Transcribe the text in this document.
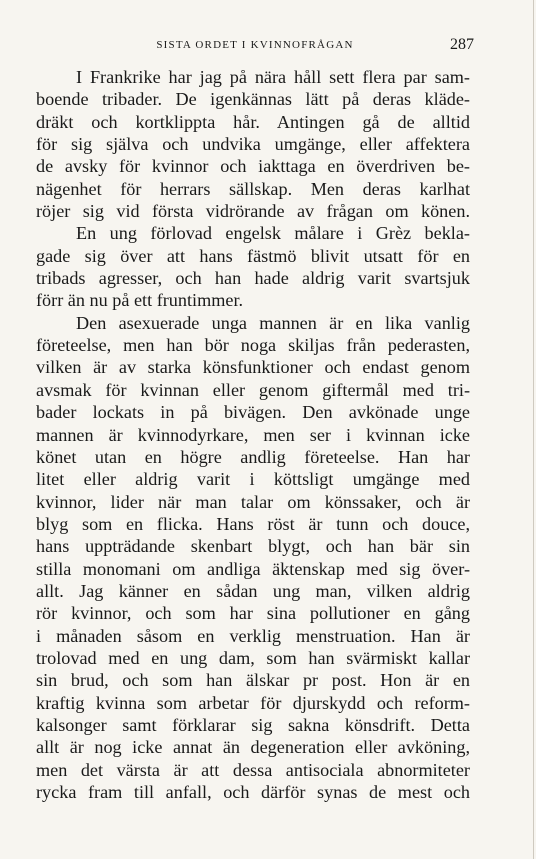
SISTA ORDET I KVINNOFRÅGAN	287
I Frankrike har jag på nära håll sett flera par sam-
boende tribader. De igenkännas lätt på deras kläde-
dräkt och kortklippta hår. Antingen gå de alltid
för sig själva och undvika umgänge, eller affektera
de avsky för kvinnor och iakttaga en överdriven be-
nägenhet för herrars sällskap. Men deras karlhat
röjer sig vid första vidrörande av frågan om könen.
En ung förlovad engelsk målare i Grèz bekla-
gade sig över att hans fästmö blivit utsatt för en
tribads agresser, och han hade aldrig varit svartsjuk
förr än nu på ett fruntimmer.
Den asexuerade unga mannen är en lika vanlig
företeelse, men han bör noga skiljas från pederasten,
vilken är av starka könsfunktioner och endast genom
avsmak för kvinnan eller genom giftermål med tri-
bader lockats in på bivägen. Den avkönade unge
mannen är kvinnodyrkare, men ser i kvinnan icke
könet utan en högre andlig företeelse. Han har
litet eller aldrig varit i köttsligt umgänge med
kvinnor, lider när man talar om könssaker, och är
blyg som en flicka. Hans röst är tunn och douce,
hans uppträdande skenbart blygt, och han bär sin
stilla monomani om andliga äktenskap med sig över-
allt. Jag känner en sådan ung man, vilken aldrig
rör kvinnor, och som har sina pollutioner en gång
i månaden såsom en verklig menstruation. Han är
trolovad med en ung dam, som han svärmiskt kallar
sin brud, och som han älskar pr post. Hon är en
kraftig kvinna som arbetar för djurskydd och reform-
kalsonger samt förklarar sig sakna könsdrift. Detta
allt är nog icke annat än degeneration eller avköning,
men det värsta är att dessa antisociala abnormiteter
rycka fram till anfall, och därför synas de mest och
